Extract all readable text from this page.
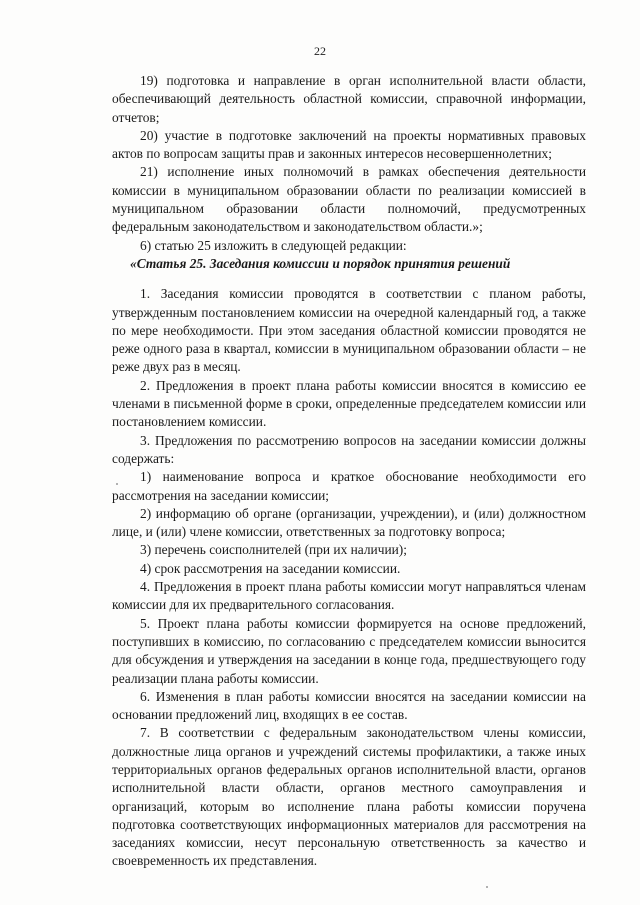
22

19) подготовка и направление в орган исполнительной власти области, обеспечивающий деятельность областной комиссии, справочной информации, отчетов;

20) участие в подготовке заключений на проекты нормативных правовых актов по вопросам защиты прав и законных интересов несовершеннолетних;

21) исполнение иных полномочий в рамках обеспечения деятельности комиссии в муниципальном образовании области по реализации комиссией в муниципальном образовании области полномочий, предусмотренных федеральным законодательством и законодательством области.»;

6) статью 25 изложить в следующей редакции:

«Статья 25. Заседания комиссии и порядок принятия решений

1. Заседания комиссии проводятся в соответствии с планом работы, утвержденным постановлением комиссии на очередной календарный год, а также по мере необходимости. При этом заседания областной комиссии проводятся не реже одного раза в квартал, комиссии в муниципальном образовании области – не реже двух раз в месяц.

2. Предложения в проект плана работы комиссии вносятся в комиссию ее членами в письменной форме в сроки, определенные председателем комиссии или постановлением комиссии.

3. Предложения по рассмотрению вопросов на заседании комиссии должны содержать:

1) наименование вопроса и краткое обоснование необходимости его рассмотрения на заседании комиссии;

2) информацию об органе (организации, учреждении), и (или) должностном лице, и (или) члене комиссии, ответственных за подготовку вопроса;

3) перечень соисполнителей (при их наличии);

4) срок рассмотрения на заседании комиссии.

4. Предложения в проект плана работы комиссии могут направляться членам комиссии для их предварительного согласования.

5. Проект плана работы комиссии формируется на основе предложений, поступивших в комиссию, по согласованию с председателем комиссии выносится для обсуждения и утверждения на заседании в конце года, предшествующего году реализации плана работы комиссии.

6. Изменения в план работы комиссии вносятся на заседании комиссии на основании предложений лиц, входящих в ее состав.

7. В соответствии с федеральным законодательством члены комиссии, должностные лица органов и учреждений системы профилактики, а также иных территориальных органов федеральных органов исполнительной власти, органов исполнительной власти области, органов местного самоуправления и организаций, которым во исполнение плана работы комиссии поручена подготовка соответствующих информационных материалов для рассмотрения на заседаниях комиссии, несут персональную ответственность за качество и своевременность их представления.
